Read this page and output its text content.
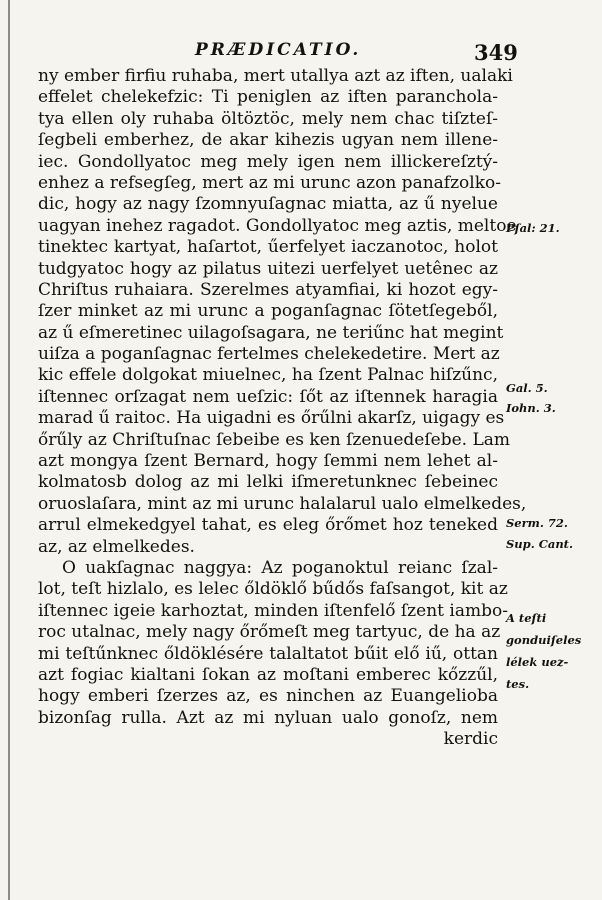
PRÆDICATIO.	349
ny ember firfiu ruhaba, mert utallya azt az iften, ualaki
effelet chelekefzic: Ti peniglen az iften paranchola-
tya ellen oly ruhaba öltöztöc, mely nem chac tiſzteſ-
ſegbeli emberhez, de akar kihezis ugyan nem illene-
iec. Gondollyatoc meg mely igen nem illickereſztý-
enhez a refsegſeg, mert az mi urunc azon panafzolko-
dic, hogy az nagy ſzomnyuſagnac miatta, az ű nyelue
uagyan inehez ragadot. Gondollyatoc meg aztis, meltoe
tinektec kartyat, haſartot, űerfelyet iaczanotoc, holot
tudgyatoc hogy az pilatus uitezi uerfelyet uetênec az
Chriſtus ruhaiara. Szerelmes atyamfiai, ki hozot egy-
ſzer minket az mi urunc a poganſagnac ſötetſegeből,
az ű eſmeretinec uilagoſsagara, ne teriűnc hat megint
uiſza a poganſagnac fertelmes chelekedetire. Mert az
kic effele dolgokat miuelnec, ha ſzent Palnac hiſzűnc,
iſtennec orſzagat nem ueſzic: ſőt az iſtennek haragia
marad ű raitoc. Ha uigadni es őrűlni akarſz, uigagy es
őrűly az Chriſtuſnac ſebeibe es ken ſzenuedeſebe. Lam
azt mongya ſzent Bernard, hogy ſemmi nem lehet al-
kolmatosb dolog az mi lelki iſmeretunknec ſebeinec
oruoslaſara, mint az mi urunc halalarul ualo elmelkedes,
arrul elmekedgyel tahat, es eleg őrőmet hoz teneked
az, az elmelkedes.
O uakſagnac naggya: Az poganoktul reianc ſzal-
lot, teſt hizlalo, es lelec őldöklő bűdős faſsangot, kit az
iſtennec igeie karhoztat, minden iſtenfelő ſzent iambo-
roc utalnac, mely nagy őrőmeſt meg tartyuc, de ha az
mi teſtűnknec őldöklésére talaltatot bűit elő iű, ottan
azt fogiac kialtani ſokan az moſtani emberec kőzzűl,
hogy emberi ſzerzes az, es ninchen az Euangelioba
bizonſag rulla. Azt az mi nyluan ualo gonoſz, nem
kerdic
Pſal: 21.
Gal. 5.
Iohn. 3.
Serm. 72.
Sup. Cant.
A teſti
gonduiſeles
lélek uez-
tes.
